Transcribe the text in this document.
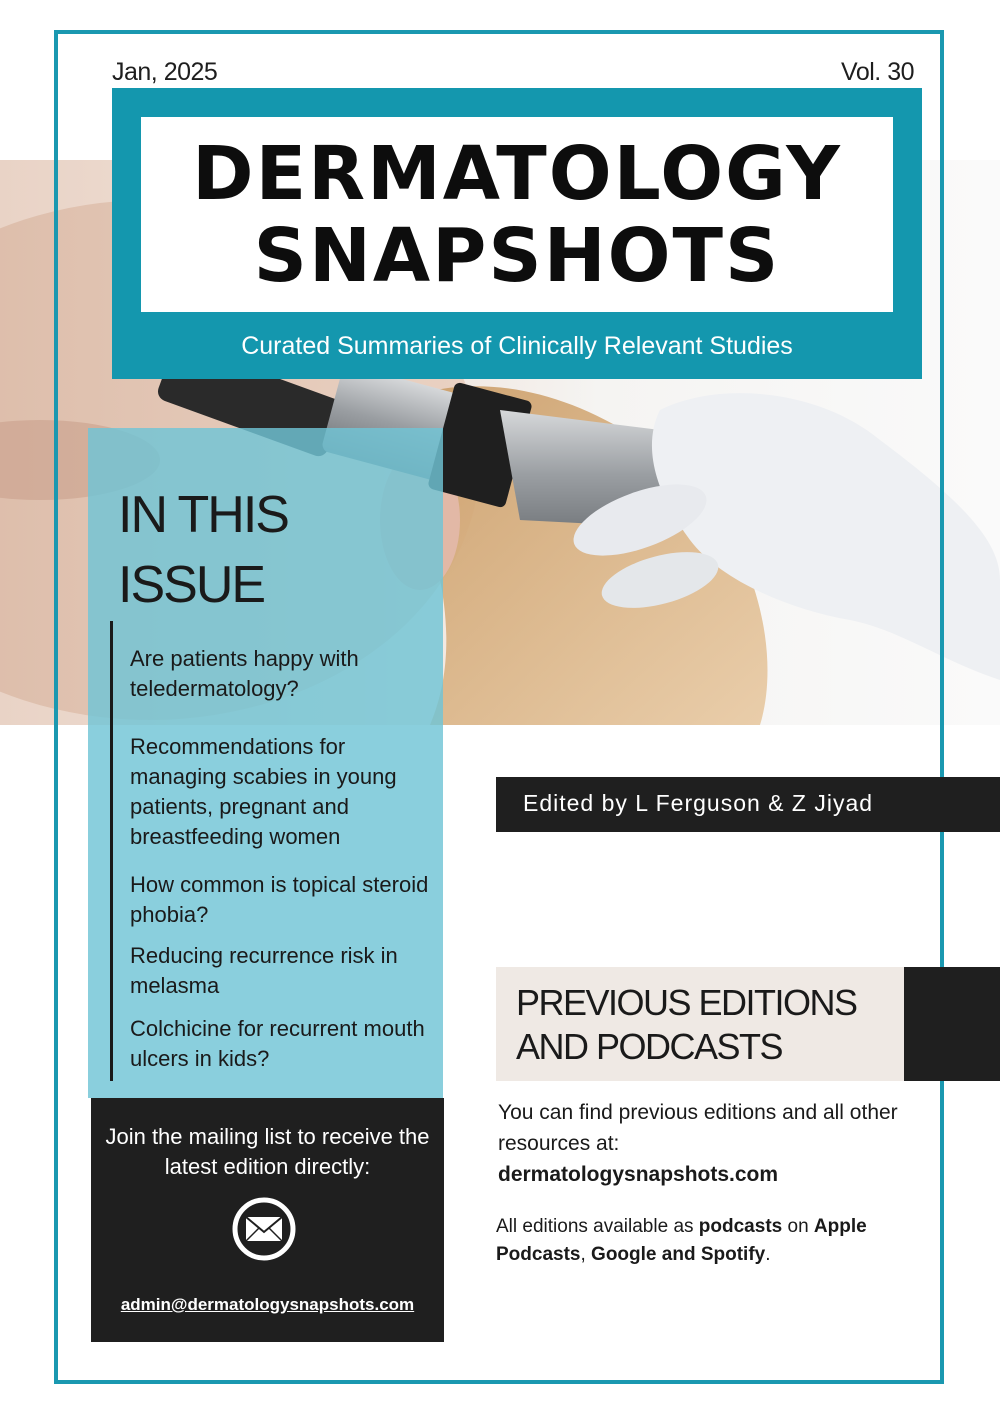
Jan, 2025	Vol. 30
DERMATOLOGY
SNAPSHOTS
Curated Summaries of Clinically Relevant Studies
IN THIS
ISSUE
Are patients happy with teledermatology?
Recommendations for managing scabies in young patients, pregnant and breastfeeding women
How common is topical steroid phobia?
Reducing recurrence risk in melasma
Colchicine for recurrent mouth ulcers in kids?
Join the mailing list to receive the latest edition directly:
admin@dermatologysnapshots.com
Edited by L Ferguson & Z Jiyad
PREVIOUS EDITIONS
AND PODCASTS
You can find previous editions and all other resources at:
dermatologysnapshots.com
All editions available as podcasts on Apple Podcasts, Google and Spotify.
